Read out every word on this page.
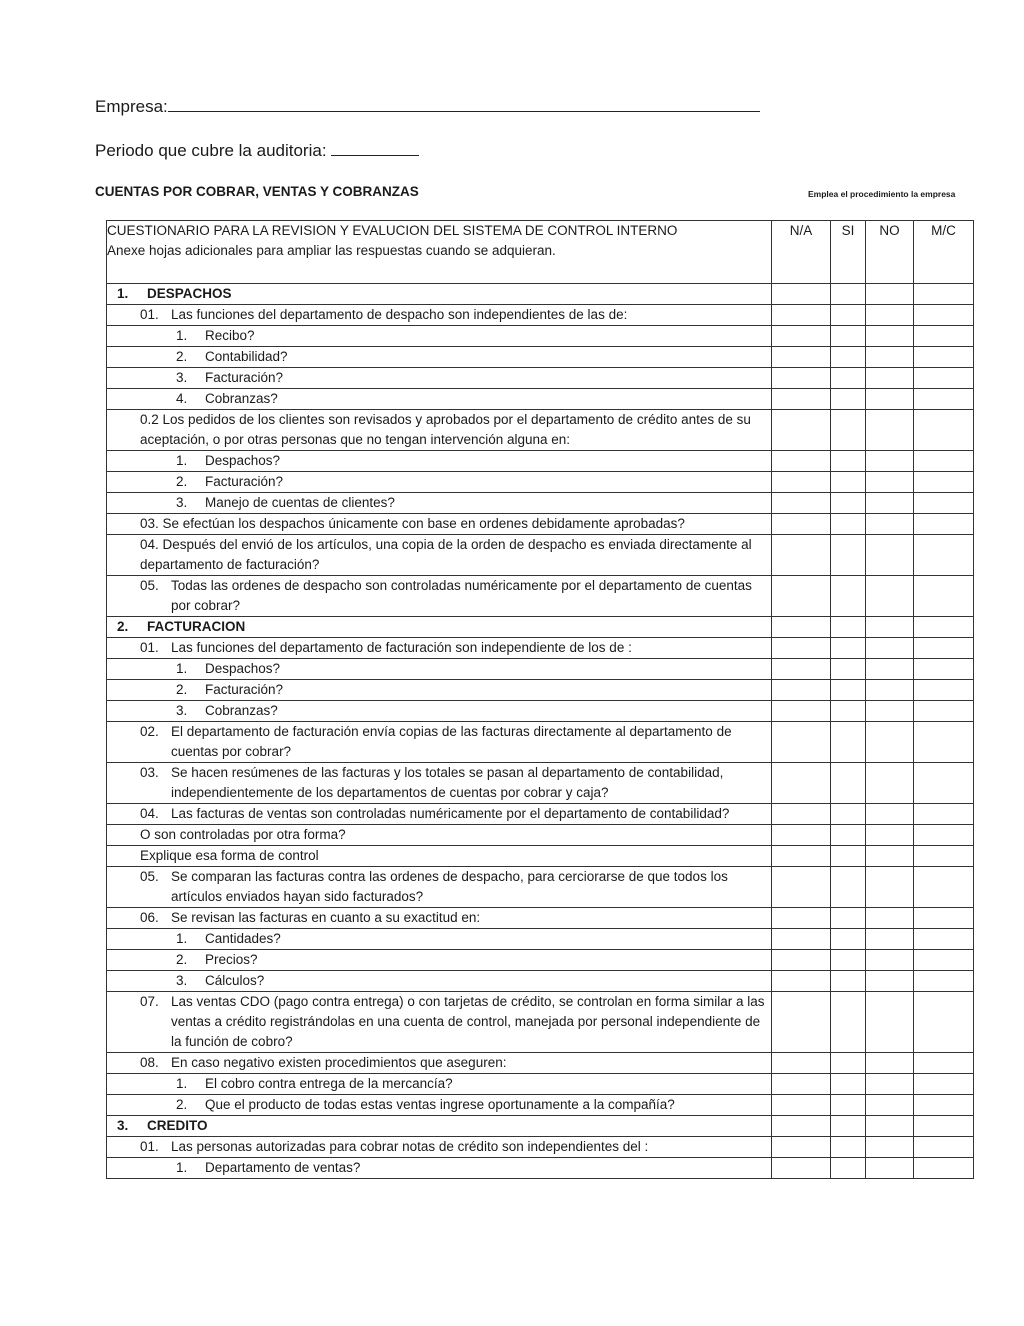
Empresa:
Periodo que cubre la auditoria:
CUENTAS POR COBRAR, VENTAS Y COBRANZAS	Emplea el procedimiento la empresa
CUESTIONARIO PARA LA REVISION Y EVALUCION DEL SISTEMA DE CONTROL INTERNO
Anexe hojas adicionales para ampliar las respuestas cuando se adquieran.	N/A	SI	NO	M/C
1. DESPACHOS				

01. Las funciones del departamento de despacho son independientes de las de:				

1. Recibo?				
2. Contabilidad?				
3. Facturación?				
4. Cobranzas?				
0.2 Los pedidos de los clientes son revisados y aprobados por el departamento de crédito antes de su aceptación, o por otras personas que no tengan intervención alguna en:				
1. Despachos?				
2. Facturación?				
3. Manejo de cuentas de clientes?				
03. Se efectúan los despachos únicamente con base en ordenes debidamente aprobadas?				
04. Después del envió de los artículos, una copia de la orden de despacho es enviada directamente al departamento de facturación?				

05. Todas las ordenes de despacho son controladas numéricamente por el departamento de cuentas por cobrar?				

2. FACTURACION				

01. Las funciones del departamento de facturación son independiente de los de :				

1. Despachos?				
2. Facturación?				
3. Cobranzas?				

02. El departamento de facturación envía copias de las facturas directamente al departamento de cuentas por cobrar?				

03. Se hacen resúmenes de las facturas y los totales se pasan al departamento de contabilidad, independientemente de los departamentos de cuentas por cobrar y caja?				

04. Las facturas de ventas son controladas numéricamente por el departamento de contabilidad?				

O son controladas por otra forma?				
Explique esa forma de control				

05. Se comparan las facturas contra las ordenes de despacho, para cerciorarse de que todos los artículos enviados hayan sido facturados?				

06. Se revisan las facturas en cuanto a su exactitud en:				

1. Cantidades?				
2. Precios?				
3. Cálculos?				

07. Las ventas CDO (pago contra entrega) o con tarjetas de crédito, se controlan en forma similar a las ventas a crédito registrándolas en una cuenta de control, manejada por personal independiente de la función de cobro?				

08. En caso negativo existen procedimientos que aseguren:				

1. El cobro contra entrega de la mercancía?				
2. Que el producto de todas estas ventas ingrese oportunamente a la compañía?				
3. CREDITO				

01. Las personas autorizadas para cobrar notas de crédito son independientes del :				

1. Departamento de ventas?				
